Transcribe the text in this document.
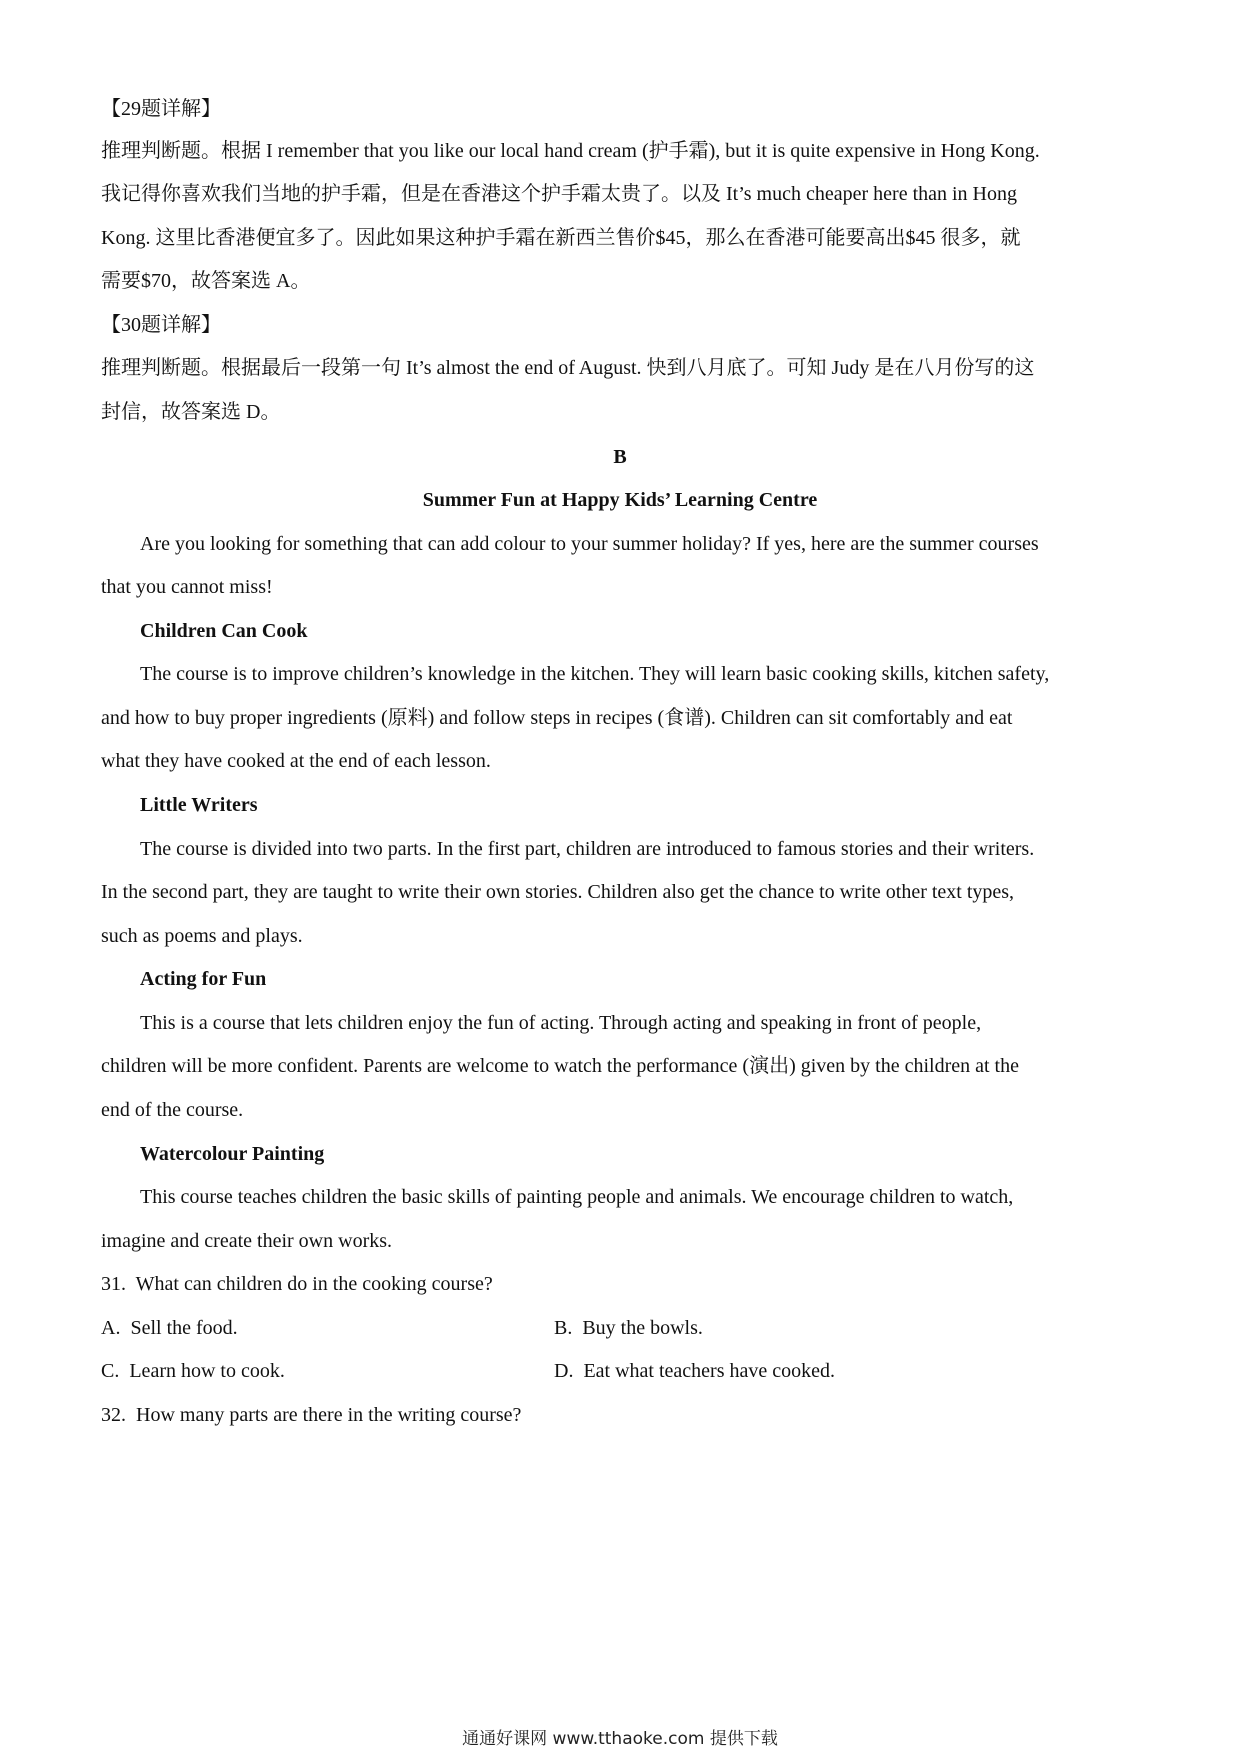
【29题详解】
推理判断题。根据 I remember that you like our local hand cream (护手霜), but it is quite expensive in Hong Kong.
我记得你喜欢我们当地的护手霜，但是在香港这个护手霜太贵了。以及 It’s much cheaper here than in Hong
Kong. 这里比香港便宜多了。因此如果这种护手霜在新西兰售价$45，那么在香港可能要高出$45 很多，就
需要$70，故答案选 A。
【30题详解】
推理判断题。根据最后一段第一句 It’s almost the end of August. 快到八月底了。可知 Judy 是在八月份写的这
封信，故答案选 D。
B
Summer Fun at Happy Kids’ Learning Centre
Are you looking for something that can add colour to your summer holiday? If yes, here are the summer courses
that you cannot miss!
Children Can Cook
The course is to improve children’s knowledge in the kitchen. They will learn basic cooking skills, kitchen safety,
and how to buy proper ingredients (原料) and follow steps in recipes (食谱). Children can sit comfortably and eat
what they have cooked at the end of each lesson.
Little Writers
The course is divided into two parts. In the first part, children are introduced to famous stories and their writers.
In the second part, they are taught to write their own stories. Children also get the chance to write other text types,
such as poems and plays.
Acting for Fun
This is a course that lets children enjoy the fun of acting. Through acting and speaking in front of people,
children will be more confident. Parents are welcome to watch the performance (演出) given by the children at the
end of the course.
Watercolour Painting
This course teaches children the basic skills of painting people and animals. We encourage children to watch,
imagine and create their own works.
31. What can children do in the cooking course?
A. Sell the food.	B. Buy the bowls.
C. Learn how to cook.	D. Eat what teachers have cooked.
32. How many parts are there in the writing course?
通通好课网 www.tthaoke.com 提供下载
